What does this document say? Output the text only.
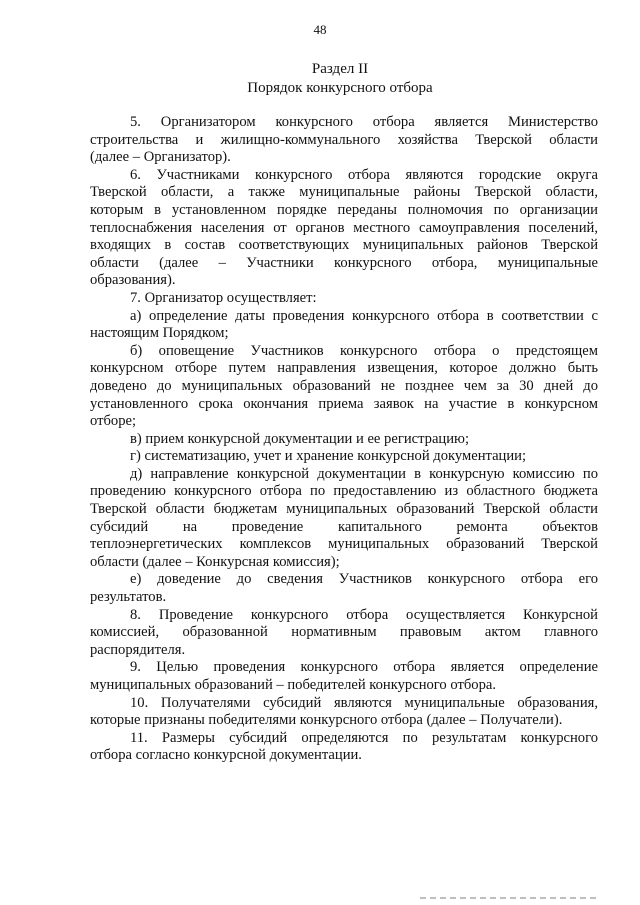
48
Раздел II
Порядок конкурсного отбора

5. Организатором конкурсного отбора является Министерство
строительства и жилищно-коммунального хозяйства Тверской области
(далее – Организатор).

6. Участниками конкурсного отбора являются городские округа
Тверской области, а также муниципальные районы Тверской области,
которым в установленном порядке переданы полномочия по организации
теплоснабжения населения от органов местного самоуправления поселений,
входящих в состав соответствующих муниципальных районов Тверской
области (далее – Участники конкурсного отбора, муниципальные
образования).

7. Организатор осуществляет:

а) определение даты проведения конкурсного отбора в соответствии с
настоящим Порядком;

б) оповещение Участников конкурсного отбора о предстоящем
конкурсном отборе путем направления извещения, которое должно быть
доведено до муниципальных образований не позднее чем за 30 дней до
установленного срока окончания приема заявок на участие в конкурсном
отборе;

в) прием конкурсной документации и ее регистрацию;

г) систематизацию, учет и хранение конкурсной документации;

д) направление конкурсной документации в конкурсную комиссию по
проведению конкурсного отбора по предоставлению из областного бюджета
Тверской области бюджетам муниципальных образований Тверской области
субсидий на проведение капитального ремонта объектов
теплоэнергетических комплексов муниципальных образований Тверской
области (далее – Конкурсная комиссия);

е) доведение до сведения Участников конкурсного отбора его
результатов.

8. Проведение конкурсного отбора осуществляется Конкурсной
комиссией, образованной нормативным правовым актом главного
распорядителя.

9. Целью проведения конкурсного отбора является определение
муниципальных образований – победителей конкурсного отбора.

10. Получателями субсидий являются муниципальные образования,
которые признаны победителями конкурсного отбора (далее – Получатели).

11. Размеры субсидий определяются по результатам конкурсного
отбора согласно конкурсной документации.
